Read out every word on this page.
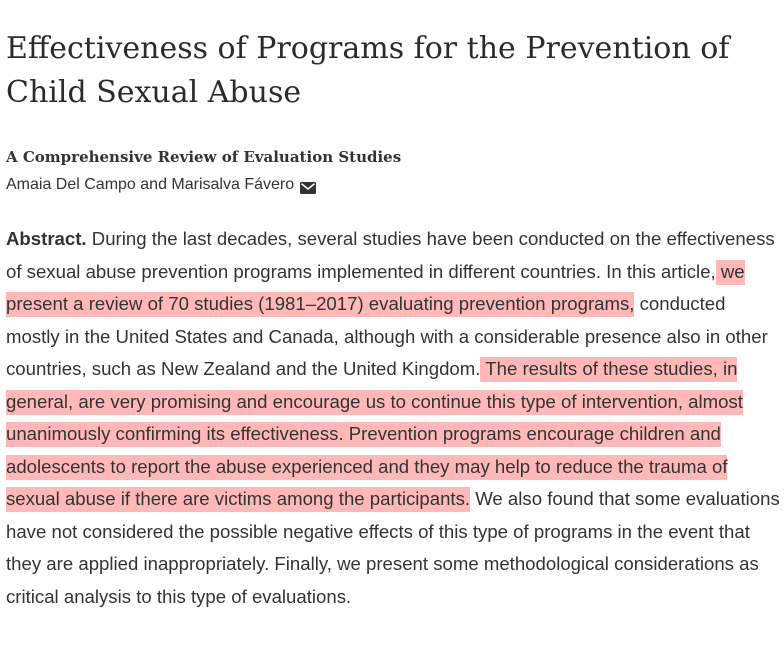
Effectiveness of Programs for the Prevention of Child Sexual Abuse
A Comprehensive Review of Evaluation Studies
Amaia Del Campo and Marisalva Fávero

Abstract. During the last decades, several studies have been conducted on the effectiveness of sexual abuse prevention programs implemented in different countries. In this article, we present a review of 70 studies (1981–2017) evaluating prevention programs, conducted mostly in the United States and Canada, although with a considerable presence also in other countries, such as New Zealand and the United Kingdom. The results of these studies, in general, are very promising and encourage us to continue this type of intervention, almost unanimously confirming its effectiveness. Prevention programs encourage children and adolescents to report the abuse experienced and they may help to reduce the trauma of sexual abuse if there are victims among the participants. We also found that some evaluations have not considered the possible negative effects of this type of programs in the event that they are applied inappropriately. Finally, we present some methodological considerations as critical analysis to this type of evaluations.
